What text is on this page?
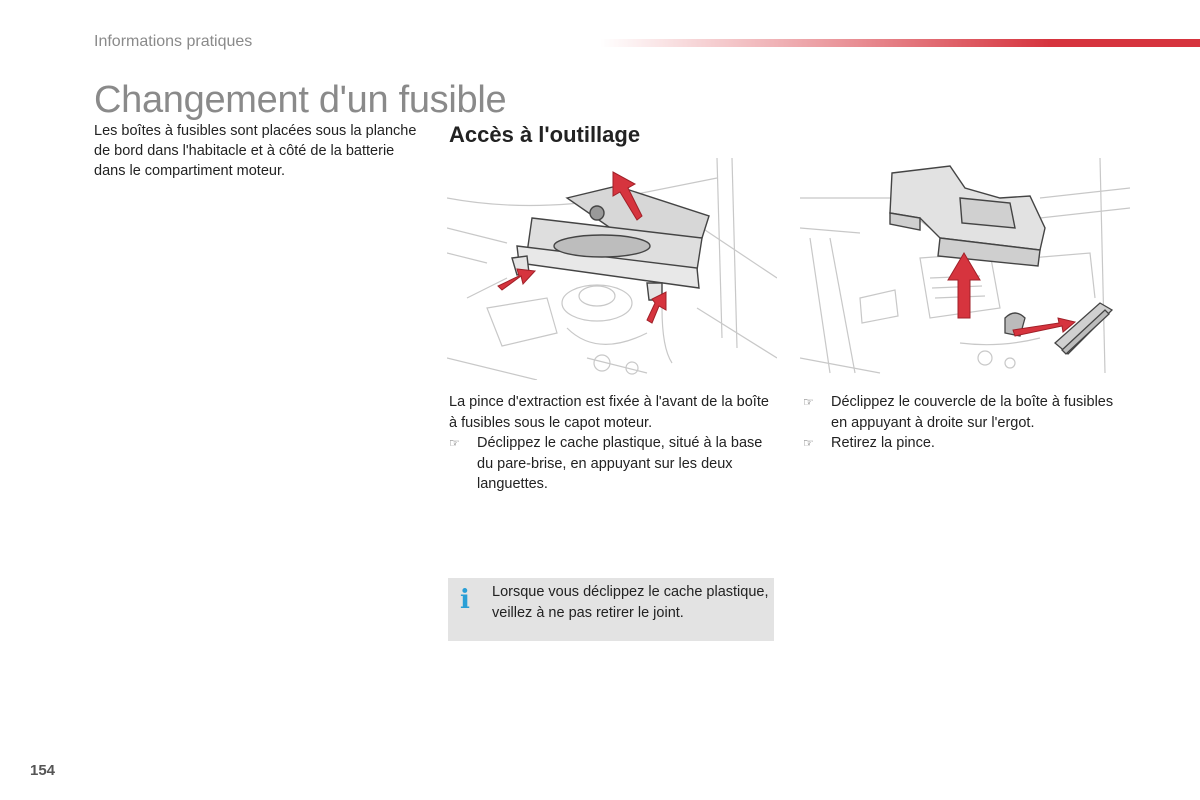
Informations pratiques
Changement d'un fusible
Les boîtes à fusibles sont placées sous la planche de bord dans l'habitacle et à côté de la batterie dans le compartiment moteur.
Accès à l'outillage
La pince d'extraction est fixée à l'avant de la boîte à fusibles sous le capot moteur.
☞	Déclippez le cache plastique, situé à la base du pare-brise, en appuyant sur les deux languettes.
☞	Déclippez le couvercle de la boîte à fusibles en appuyant à droite sur l'ergot.
☞	Retirez la pince.
i Lorsque vous déclippez le cache plastique, veillez à ne pas retirer le joint.
154
